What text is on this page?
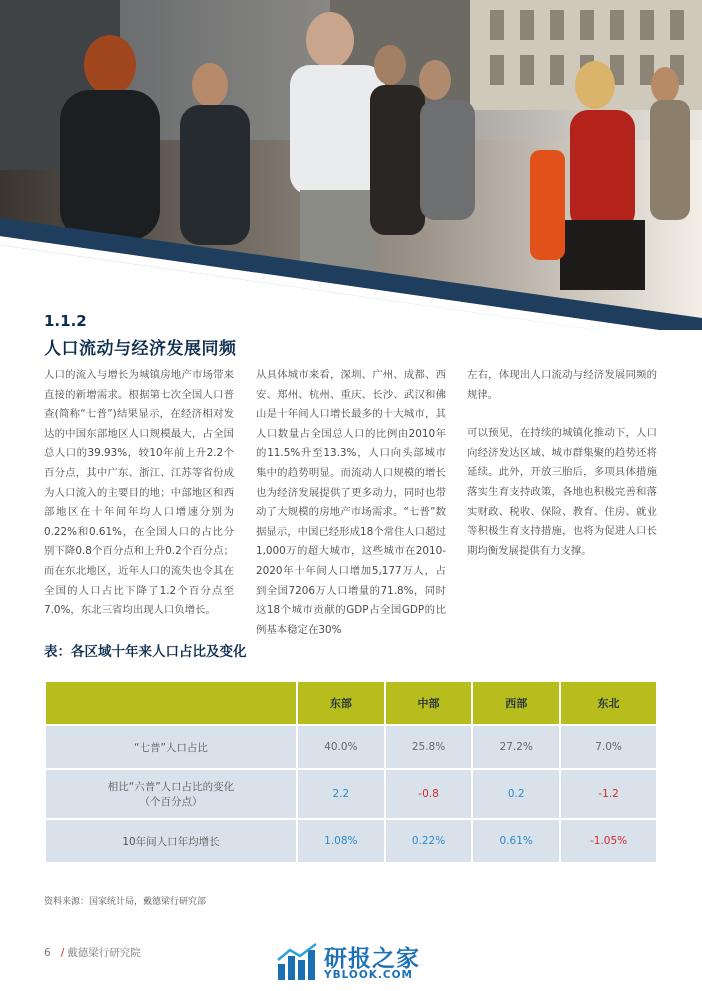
1.1.2
人口流动与经济发展同频

人口的流入与增长为城镇房地产市场带来直接的新增需求。根据第七次全国人口普查(简称“七普”)结果显示，在经济相对发达的中国东部地区人口规模最大，占全国总人口的39.93%，较10年前上升2.2个百分点，其中广东、浙江、江苏等省份成为人口流入的主要目的地；中部地区和西部地区在十年间年均人口增速分别为0.22%和0.61%，在全国人口的占比分别下降0.8个百分点和上升0.2个百分点；而在东北地区，近年人口的流失也令其在全国的人口占比下降了1.2个百分点至7.0%，东北三省均出现人口负增长。

从具体城市来看，深圳、广州、成都、西安、郑州、杭州、重庆、长沙、武汉和佛山是十年间人口增长最多的十大城市，其人口数量占全国总人口的比例由2010年的11.5%升至13.3%，人口向头部城市集中的趋势明显。而流动人口规模的增长也为经济发展提供了更多动力，同时也带动了大规模的房地产市场需求。“七普”数据显示，中国已经形成18个常住人口超过1,000万的超大城市，这些城市在2010-2020年十年间人口增加5,177万人，占到全国7206万人口增量的71.8%，同时这18个城市贡献的GDP占全国GDP的比例基本稳定在30%

左右，体现出人口流动与经济发展同频的规律。

可以预见，在持续的城镇化推动下，人口向经济发达区域、城市群集聚的趋势还将延续。此外，开放三胎后，多项具体措施落实生育支持政策，各地也积极完善和落实财政、税收、保险、教育、住房、就业等积极生育支持措施，也将为促进人口长期均衡发展提供有力支撑。

表：各区域十年来人口占比及变化
	东部	中部	西部	东北
“七普”人口占比	40.0%	25.8%	27.2%	7.0%
相比“六普”人口占比的变化
（个百分点）	2.2	-0.8	0.2	-1.2
10年间人口年均增长	1.08%	0.22%	0.61%	-1.05%
资料来源：国家统计局，戴德梁行研究部
6 / 戴德梁行研究院	研报之家
YBLOOK.COM
